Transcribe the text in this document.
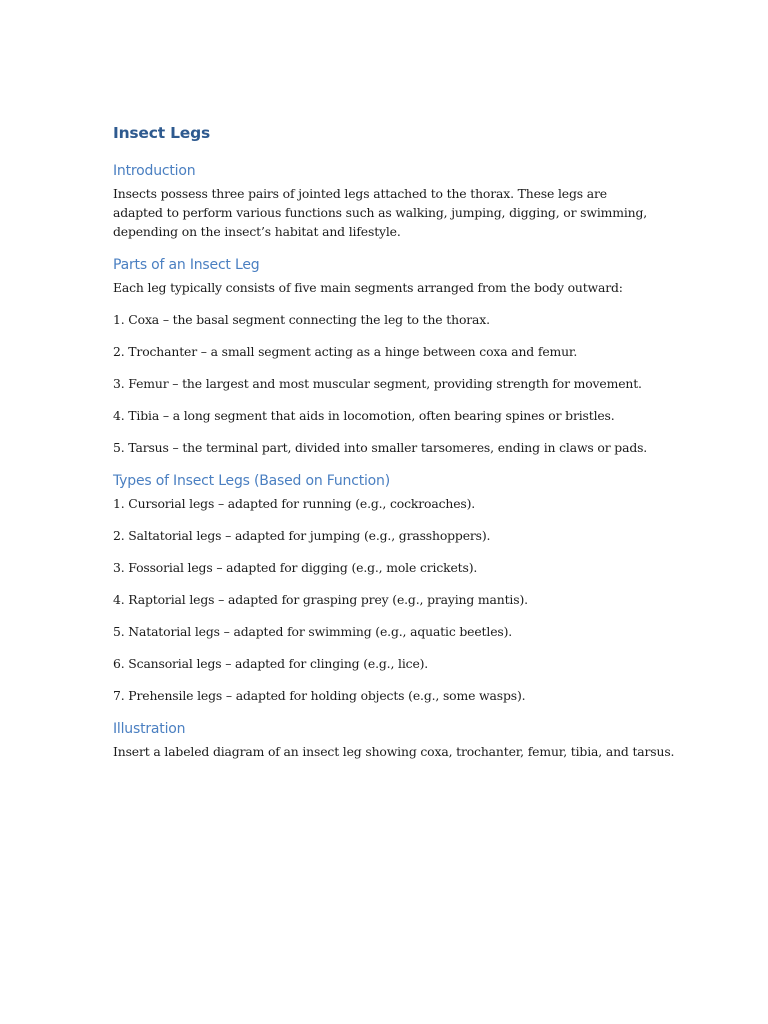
Insect Legs
Introduction

Insects possess three pairs of jointed legs attached to the thorax. These legs are adapted to perform various functions such as walking, jumping, digging, or swimming, depending on the insect’s habitat and lifestyle.

Parts of an Insect Leg

Each leg typically consists of five main segments arranged from the body outward:

1. Coxa – the basal segment connecting the leg to the thorax.

2. Trochanter – a small segment acting as a hinge between coxa and femur.

3. Femur – the largest and most muscular segment, providing strength for movement.

4. Tibia – a long segment that aids in locomotion, often bearing spines or bristles.

5. Tarsus – the terminal part, divided into smaller tarsomeres, ending in claws or pads.

Types of Insect Legs (Based on Function)

1. Cursorial legs – adapted for running (e.g., cockroaches).

2. Saltatorial legs – adapted for jumping (e.g., grasshoppers).

3. Fossorial legs – adapted for digging (e.g., mole crickets).

4. Raptorial legs – adapted for grasping prey (e.g., praying mantis).

5. Natatorial legs – adapted for swimming (e.g., aquatic beetles).

6. Scansorial legs – adapted for clinging (e.g., lice).

7. Prehensile legs – adapted for holding objects (e.g., some wasps).

Illustration

Insert a labeled diagram of an insect leg showing coxa, trochanter, femur, tibia, and tarsus.
